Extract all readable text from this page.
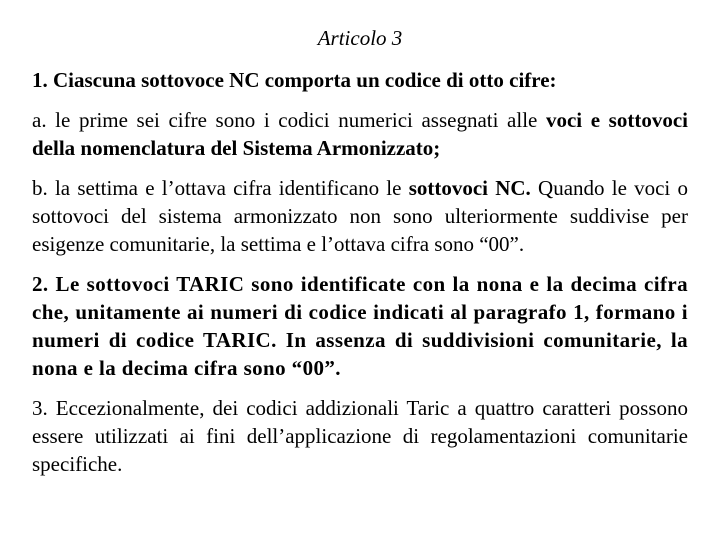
Articolo 3

1. Ciascuna sottovoce NC comporta un codice di otto cifre:

a. le prime sei cifre sono i codici numerici assegnati alle voci e sottovoci della nomenclatura del Sistema Armonizzato;

b. la settima e l’ottava cifra identificano le sottovoci NC. Quando le voci o sottovoci del sistema armonizzato non sono ulteriormente suddivise per esigenze comunitarie, la settima e l’ottava cifra sono “00”.

2. Le sottovoci TARIC sono identificate con la nona e la decima cifra che, unitamente ai numeri di codice indicati al paragrafo 1, formano i numeri di codice TARIC. In assenza di suddivisioni comunitarie, la nona e la decima cifra sono “00”.

3. Eccezionalmente, dei codici addizionali Taric a quattro caratteri possono essere utilizzati ai fini dell’applicazione di regolamentazioni comunitarie specifiche.
